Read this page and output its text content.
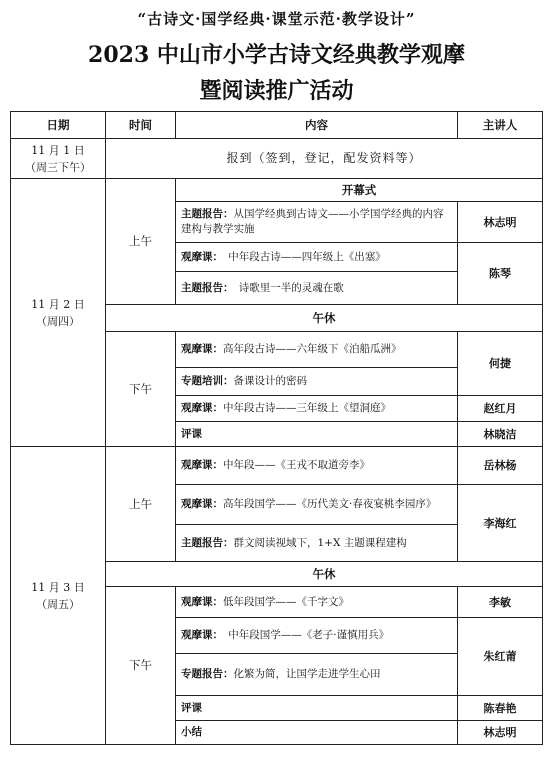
“古诗文·国学经典·课堂示范·教学设计”
2023 中山市小学古诗文经典教学观摩
暨阅读推广活动
日期	时间	内容	主讲人

11 月 1 日
（周三下午）	报到（签到，登记，配发资料等）		

11 月 2 日
（周四）	上午	开幕式	
		主题报告：从国学经典到古诗文——小学国学经典的内容建构与教学实施	林志明
		观摩课：　中年段古诗——四年级上《出塞》	陈琴
		主题报告：　诗歌里一半的灵魂在歌	
	午休		
	下午	观摩课：高年段古诗——六年级下《泊船瓜洲》	何捷
		专题培训：备课设计的密码	
		观摩课：中年段古诗——三年级上《望洞庭》	赵红月
		评课	林晓洁

11 月 3 日
（周五）	上午	观摩课：中年段——《王戎不取道旁李》	岳林杨
		观摩课：高年段国学——《历代美文·春夜宴桃李园序》	李海红
		主题报告：群文阅读视域下，1+X 主题课程建构	
	午休		
	下午	观摩课：低年段国学——《千字文》	李敏
		观摩课：　中年段国学——《老子·谨慎用兵》	朱红莆
		专题报告：化繁为简，让国学走进学生心田	
		评课	陈春艳
		小结	林志明
